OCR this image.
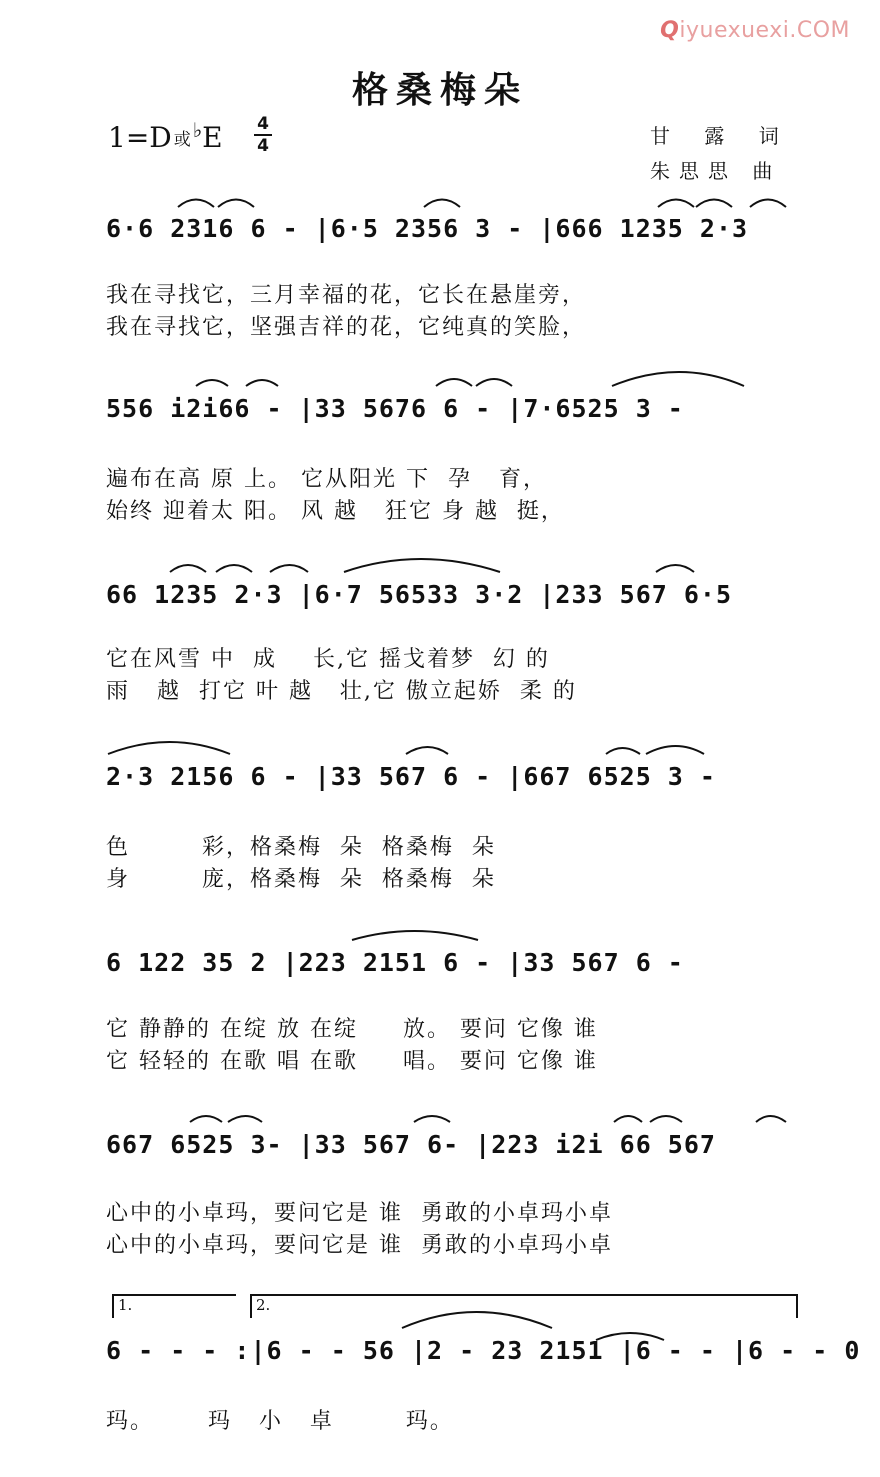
Qiyuexuexi.COM
格桑梅朵
1=D 或 ♭E 4
4	甘 露 词
朱思思 曲
6·6 2316 6 - |6·5 2356 3 - |666 1235 2·3
我在寻找它，三月幸福的花，它长在悬崖旁，
我在寻找它，坚强吉祥的花，它纯真的笑脸，
556 i2i66 - |33 5676 6 - |7·6525 3 -
遍布在高 原 上。 它从阳光 下  孕   育，
始终 迎着太 阳。 风 越   狂它 身 越  挺，
66 1235 2·3 |6·7 56533 3·2 |233 567 6·5
它在风雪 中  成    长,它 摇戈着梦  幻 的
雨   越  打它 叶 越   壮,它 傲立起娇  柔 的
2·3 2156 6 - |33 567 6 - |667 6525 3 -
色        彩，格桑梅  朵  格桑梅  朵
身        庞，格桑梅  朵  格桑梅  朵
6 122 35 2 |223 2151 6 - |33 567 6 -
它 静静的 在绽 放 在绽     放。 要问 它像 谁
它 轻轻的 在歌 唱 在歌     唱。 要问 它像 谁
667 6525 3- |33 567 6- |223 i2i 66 567
心中的小卓玛，要问它是 谁  勇敢的小卓玛小卓
心中的小卓玛，要问它是 谁  勇敢的小卓玛小卓
1.	2.
6 - - - :|6 - - 56 |2 - 23 2151 |6 - - |6 - - 0
玛。      玛   小   卓        玛。
